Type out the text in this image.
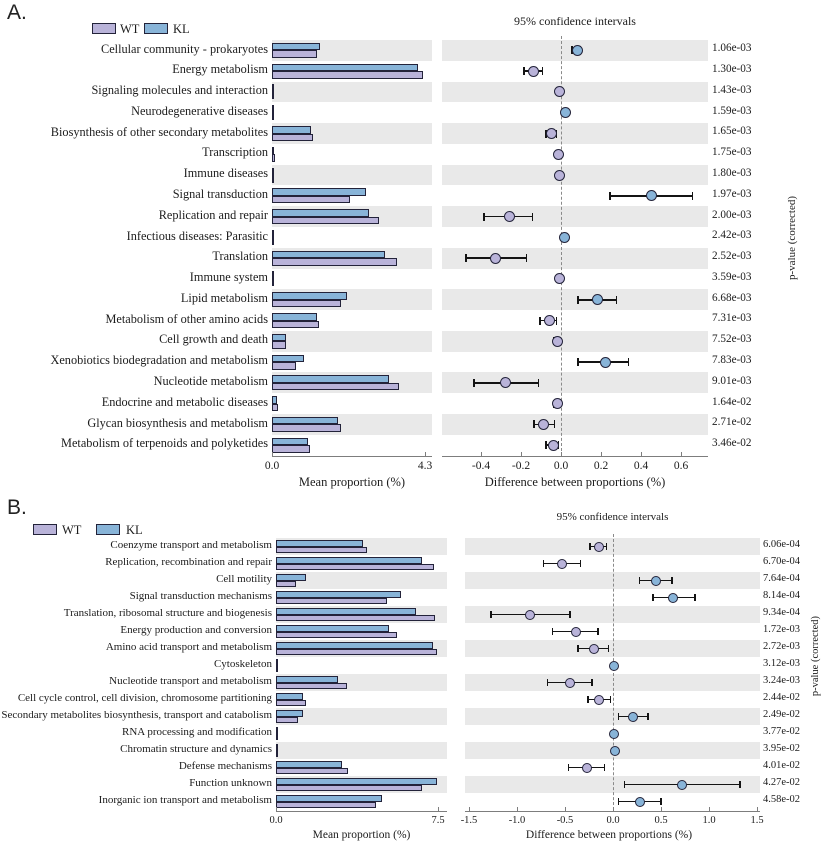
A.
WT	KL
95% confidence intervals
Mean proportion (%)	Difference between proportions (%)
p-value (corrected)
Cellular community - prokaryotes	1.06e-03
Energy metabolism	1.30e-03
Signaling molecules and interaction	1.43e-03
Neurodegenerative diseases	1.59e-03
Biosynthesis of other secondary metabolites	1.65e-03
Transcription	1.75e-03
Immune diseases	1.80e-03
Signal transduction	1.97e-03
Replication and repair	2.00e-03
Infectious diseases: Parasitic	2.42e-03
Translation	2.52e-03
Immune system	3.59e-03
Lipid metabolism	6.68e-03
Metabolism of other amino acids	7.31e-03
Cell growth and death	7.52e-03
Xenobiotics biodegradation and metabolism	7.83e-03
Nucleotide metabolism	9.01e-03
Endocrine and metabolic diseases	1.64e-02
Glycan biosynthesis and metabolism	2.71e-02
Metabolism of terpenoids and polyketides	3.46e-02
0.0	4.3	-0.4 -0.2 0.0 0.2 0.4 0.6
B.
WT	KL
95% confidence intervals
Mean proportion (%)	Difference between proportions (%)
p-value (corrected)
Coenzyme transport and metabolism	6.06e-04
Replication, recombination and repair	6.70e-04
Cell motility	7.64e-04
Signal transduction mechanisms	8.14e-04
Translation, ribosomal structure and biogenesis	9.34e-04
Energy production and conversion	1.72e-03
Amino acid transport and metabolism	2.72e-03
Cytoskeleton	3.12e-03
Nucleotide transport and metabolism	3.24e-03
Cell cycle control, cell division, chromosome partitioning	2.44e-02
Secondary metabolites biosynthesis, transport and catabolism	2.49e-02
RNA processing and modification	3.77e-02
Chromatin structure and dynamics	3.95e-02
Defense mechanisms	4.01e-02
Function unknown	4.27e-02
Inorganic ion transport and metabolism	4.58e-02
0.0	7.5 -1.5	-1.0	-0.5	0.0	0.5	1.0	1.5
